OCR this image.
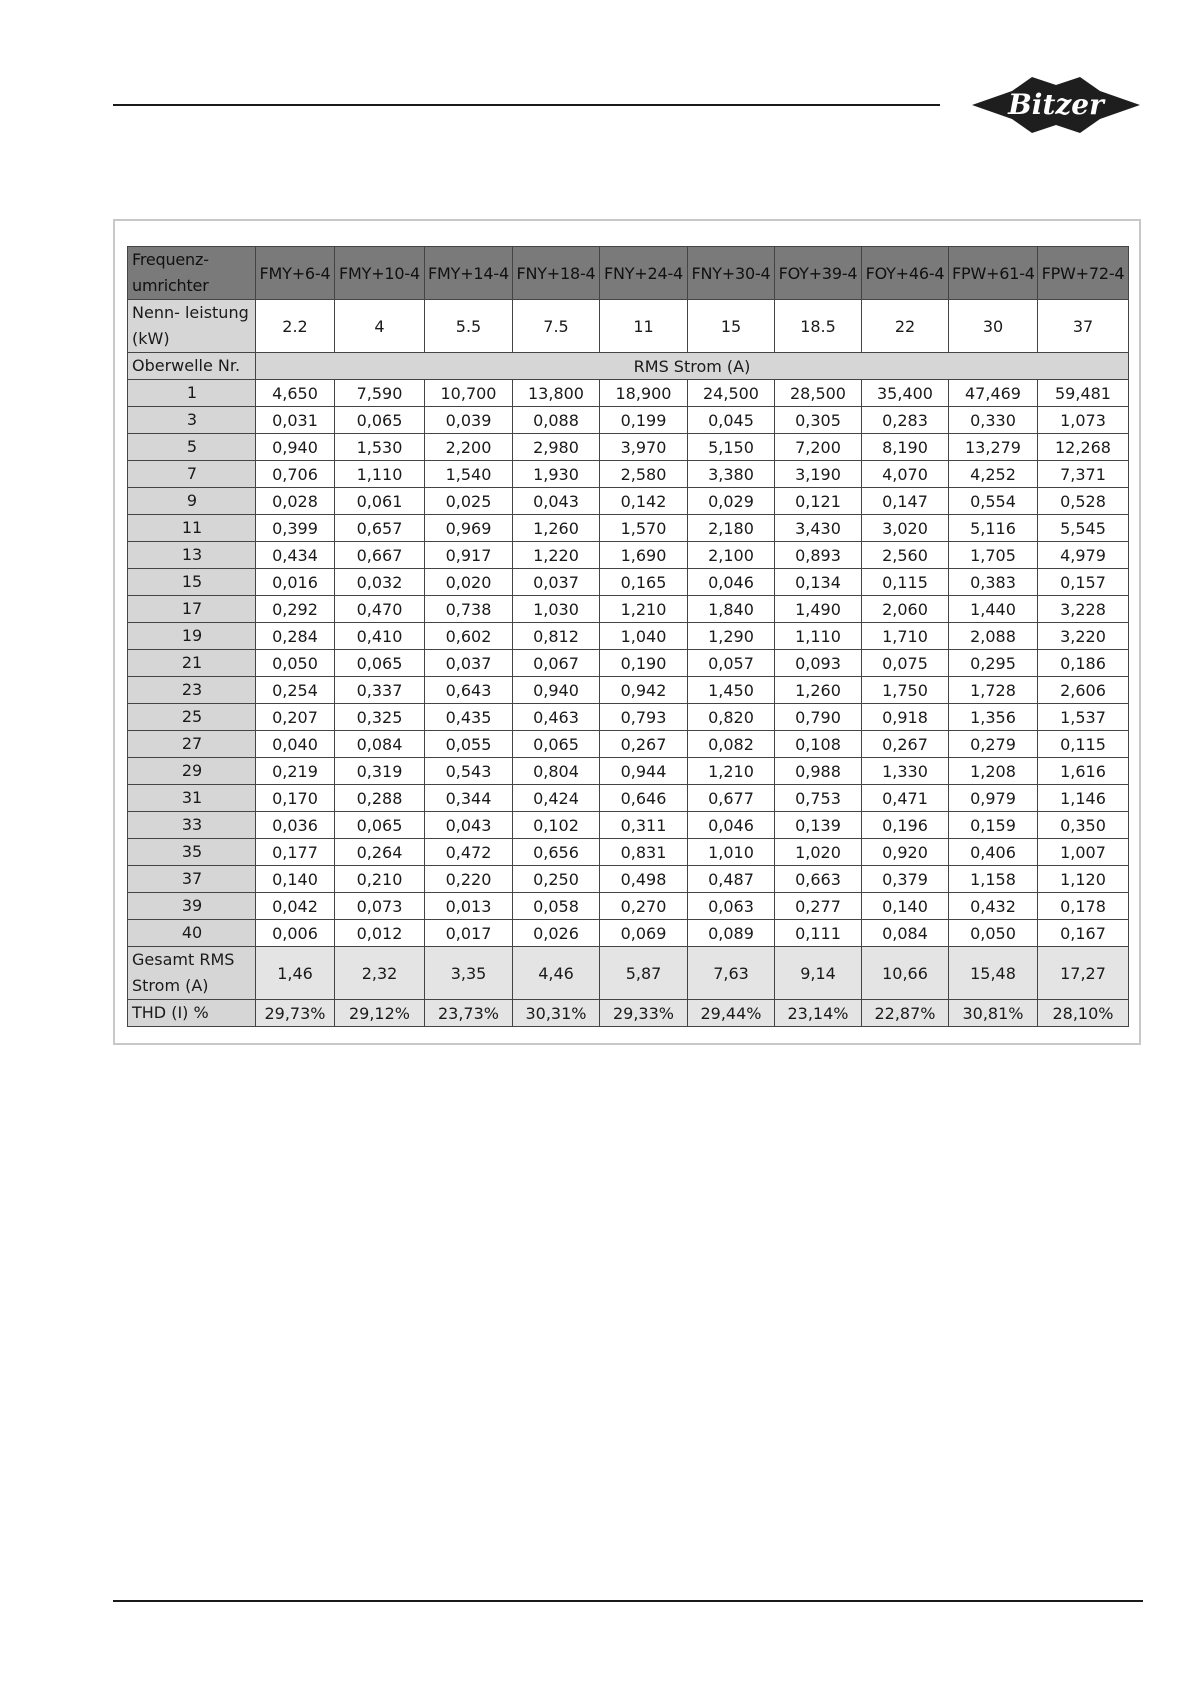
Bitzer
Frequenz-umrichter	FMY+6-4	FMY+10-4	FMY+14-4	FNY+18-4	FNY+24-4	FNY+30-4	FOY+39-4	FOY+46-4	FPW+61-4	FPW+72-4
Nenn- leistung (kW)	2.2	4	5.5	7.5	11	15	18.5	22	30	37
Oberwelle Nr.	RMS Strom (A)									
1	4,650	7,590	10,700	13,800	18,900	24,500	28,500	35,400	47,469	59,481
3	0,031	0,065	0,039	0,088	0,199	0,045	0,305	0,283	0,330	1,073
5	0,940	1,530	2,200	2,980	3,970	5,150	7,200	8,190	13,279	12,268
7	0,706	1,110	1,540	1,930	2,580	3,380	3,190	4,070	4,252	7,371
9	0,028	0,061	0,025	0,043	0,142	0,029	0,121	0,147	0,554	0,528
11	0,399	0,657	0,969	1,260	1,570	2,180	3,430	3,020	5,116	5,545
13	0,434	0,667	0,917	1,220	1,690	2,100	0,893	2,560	1,705	4,979
15	0,016	0,032	0,020	0,037	0,165	0,046	0,134	0,115	0,383	0,157
17	0,292	0,470	0,738	1,030	1,210	1,840	1,490	2,060	1,440	3,228
19	0,284	0,410	0,602	0,812	1,040	1,290	1,110	1,710	2,088	3,220
21	0,050	0,065	0,037	0,067	0,190	0,057	0,093	0,075	0,295	0,186
23	0,254	0,337	0,643	0,940	0,942	1,450	1,260	1,750	1,728	2,606
25	0,207	0,325	0,435	0,463	0,793	0,820	0,790	0,918	1,356	1,537
27	0,040	0,084	0,055	0,065	0,267	0,082	0,108	0,267	0,279	0,115
29	0,219	0,319	0,543	0,804	0,944	1,210	0,988	1,330	1,208	1,616
31	0,170	0,288	0,344	0,424	0,646	0,677	0,753	0,471	0,979	1,146
33	0,036	0,065	0,043	0,102	0,311	0,046	0,139	0,196	0,159	0,350
35	0,177	0,264	0,472	0,656	0,831	1,010	1,020	0,920	0,406	1,007
37	0,140	0,210	0,220	0,250	0,498	0,487	0,663	0,379	1,158	1,120
39	0,042	0,073	0,013	0,058	0,270	0,063	0,277	0,140	0,432	0,178
40	0,006	0,012	0,017	0,026	0,069	0,089	0,111	0,084	0,050	0,167
Gesamt RMS Strom (A)	1,46	2,32	3,35	4,46	5,87	7,63	9,14	10,66	15,48	17,27
THD (I) %	29,73%	29,12%	23,73%	30,31%	29,33%	29,44%	23,14%	22,87%	30,81%	28,10%
